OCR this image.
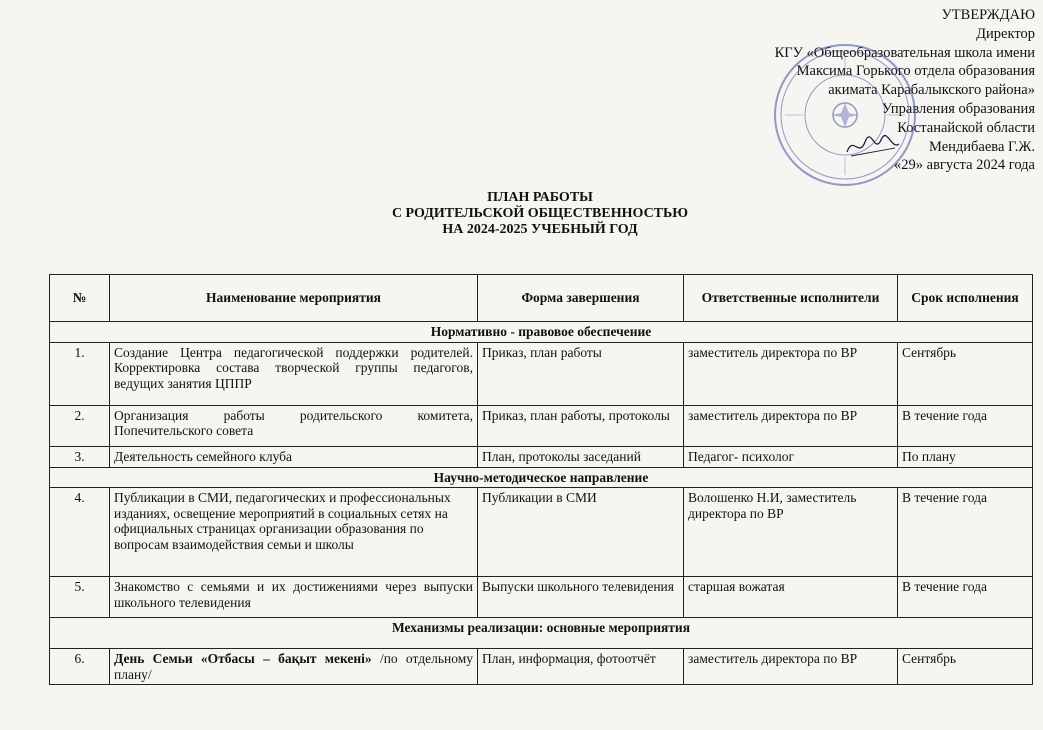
УТВЕРЖДАЮ
Директор
КГУ «Общеобразовательная школа имени
Максима Горького отдела образования
акимата Карабалыкского района»
Управления образования
Костанайской области
Мендибаева Г.Ж.
«29» августа 2024 года
ПЛАН РАБОТЫ
С РОДИТЕЛЬСКОЙ ОБЩЕСТВЕННОСТЬЮ
НА 2024-2025 УЧЕБНЫЙ ГОД
№	Наименование мероприятия	Форма завершения	Ответственные исполнители	Срок исполнения
Нормативно - правовое обеспечение				
1.	Создание Центра педагогической поддержки родителей. Корректировка состава творческой группы педагогов, ведущих занятия ЦППР	Приказ, план работы	заместитель директора по ВР	Сентябрь
2.	Организация работы родительского комитета, Попечительского совета	Приказ, план работы, протоколы	заместитель директора по ВР	В течение года
3.	Деятельность семейного клуба	План, протоколы заседаний	Педагог- психолог	По плану
Научно-методическое направление				
4.	Публикации в СМИ, педагогических и профессиональных изданиях, освещение мероприятий в социальных сетях на официальных страницах организации образования по вопросам взаимодействия семьи и школы	Публикации в СМИ	Волошенко Н.И, заместитель директора по ВР	В течение года
5.	Знакомство с семьями и их достижениями через выпуски школьного телевидения	Выпуски школьного телевидения	старшая вожатая	В течение года
Механизмы реализации: основные мероприятия				
6.	День Семьи «Отбасы – бақыт мекені» /по отдельному плану/	План, информация, фотоотчёт	заместитель директора по ВР	Сентябрь
